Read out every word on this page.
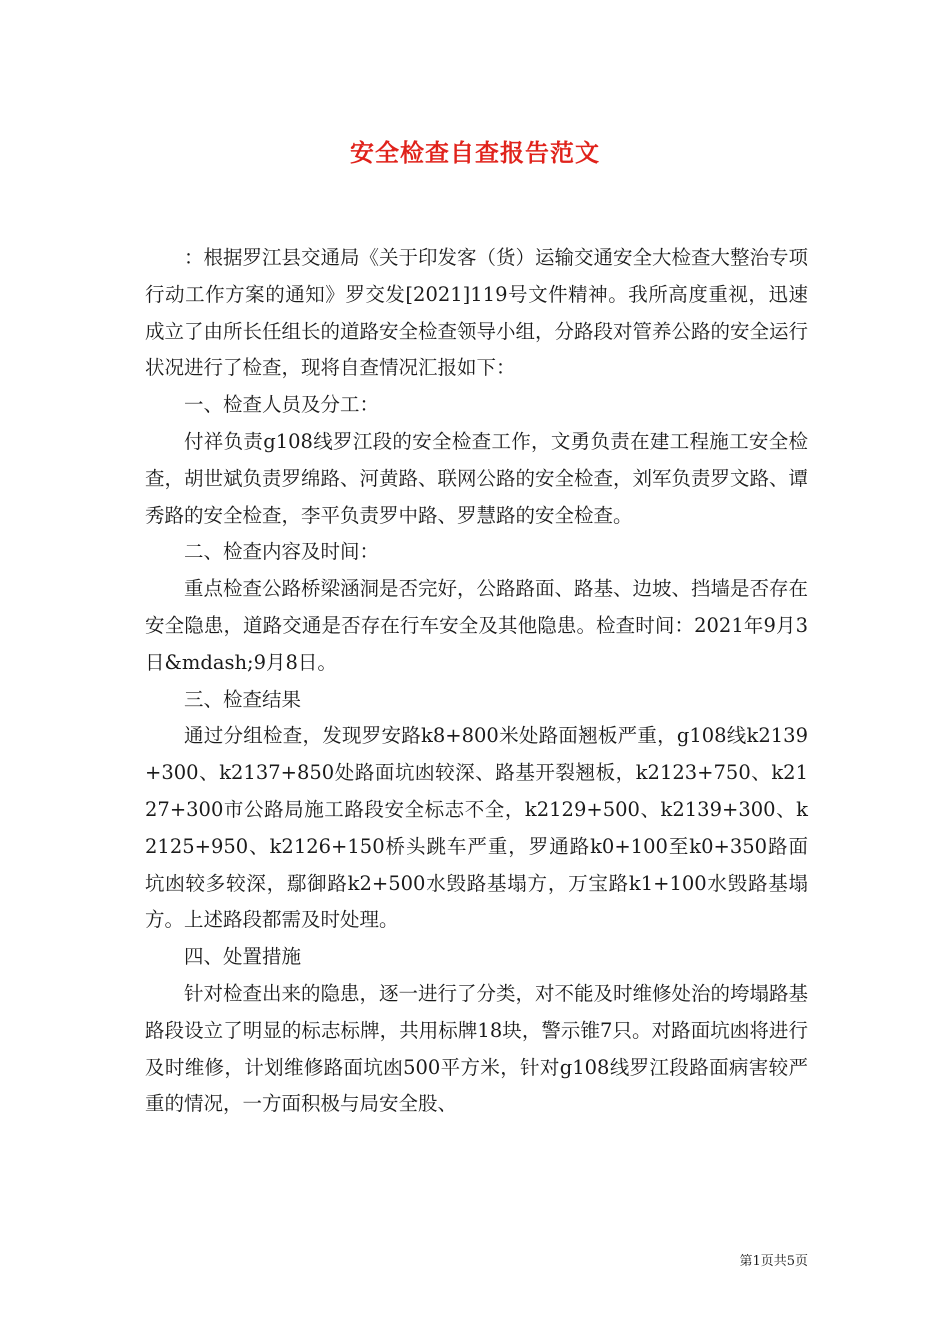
安全检查自查报告范文

：根据罗江县交通局《关于印发客（货）运输交通安全大检查大整治专项行动工作方案的通知》罗交发[2021]119号文件精神。我所高度重视，迅速成立了由所长任组长的道路安全检查领导小组，分路段对管养公路的安全运行状况进行了检查，现将自查情况汇报如下：

一、检查人员及分工：

付祥负责g108线罗江段的安全检查工作，文勇负责在建工程施工安全检查，胡世斌负责罗绵路、河黄路、联网公路的安全检查，刘军负责罗文路、谭秀路的安全检查，李平负责罗中路、罗慧路的安全检查。

二、检查内容及时间：

重点检查公路桥梁涵洞是否完好，公路路面、路基、边坡、挡墙是否存在安全隐患，道路交通是否存在行车安全及其他隐患。检查时间：2021年9月3日&mdash;9月8日。

三、检查结果

通过分组检查，发现罗安路k8+800米处路面翘板严重，g108线k2139+300、k2137+850处路面坑凼较深、路基开裂翘板，k2123+750、k2127+300市公路局施工路段安全标志不全，k2129+500、k2139+300、k2125+950、k2126+150桥头跳车严重，罗通路k0+100至k0+350路面坑凼较多较深，鄢御路k2+500水毁路基塌方，万宝路k1+100水毁路基塌方。上述路段都需及时处理。

四、处置措施

针对检查出来的隐患，逐一进行了分类，对不能及时维修处治的垮塌路基路段设立了明显的标志标牌，共用标牌18块，警示锥7只。对路面坑凼将进行及时维修，计划维修路面坑凼500平方米，针对g108线罗江段路面病害较严重的情况，一方面积极与局安全股、

第1页共5页
